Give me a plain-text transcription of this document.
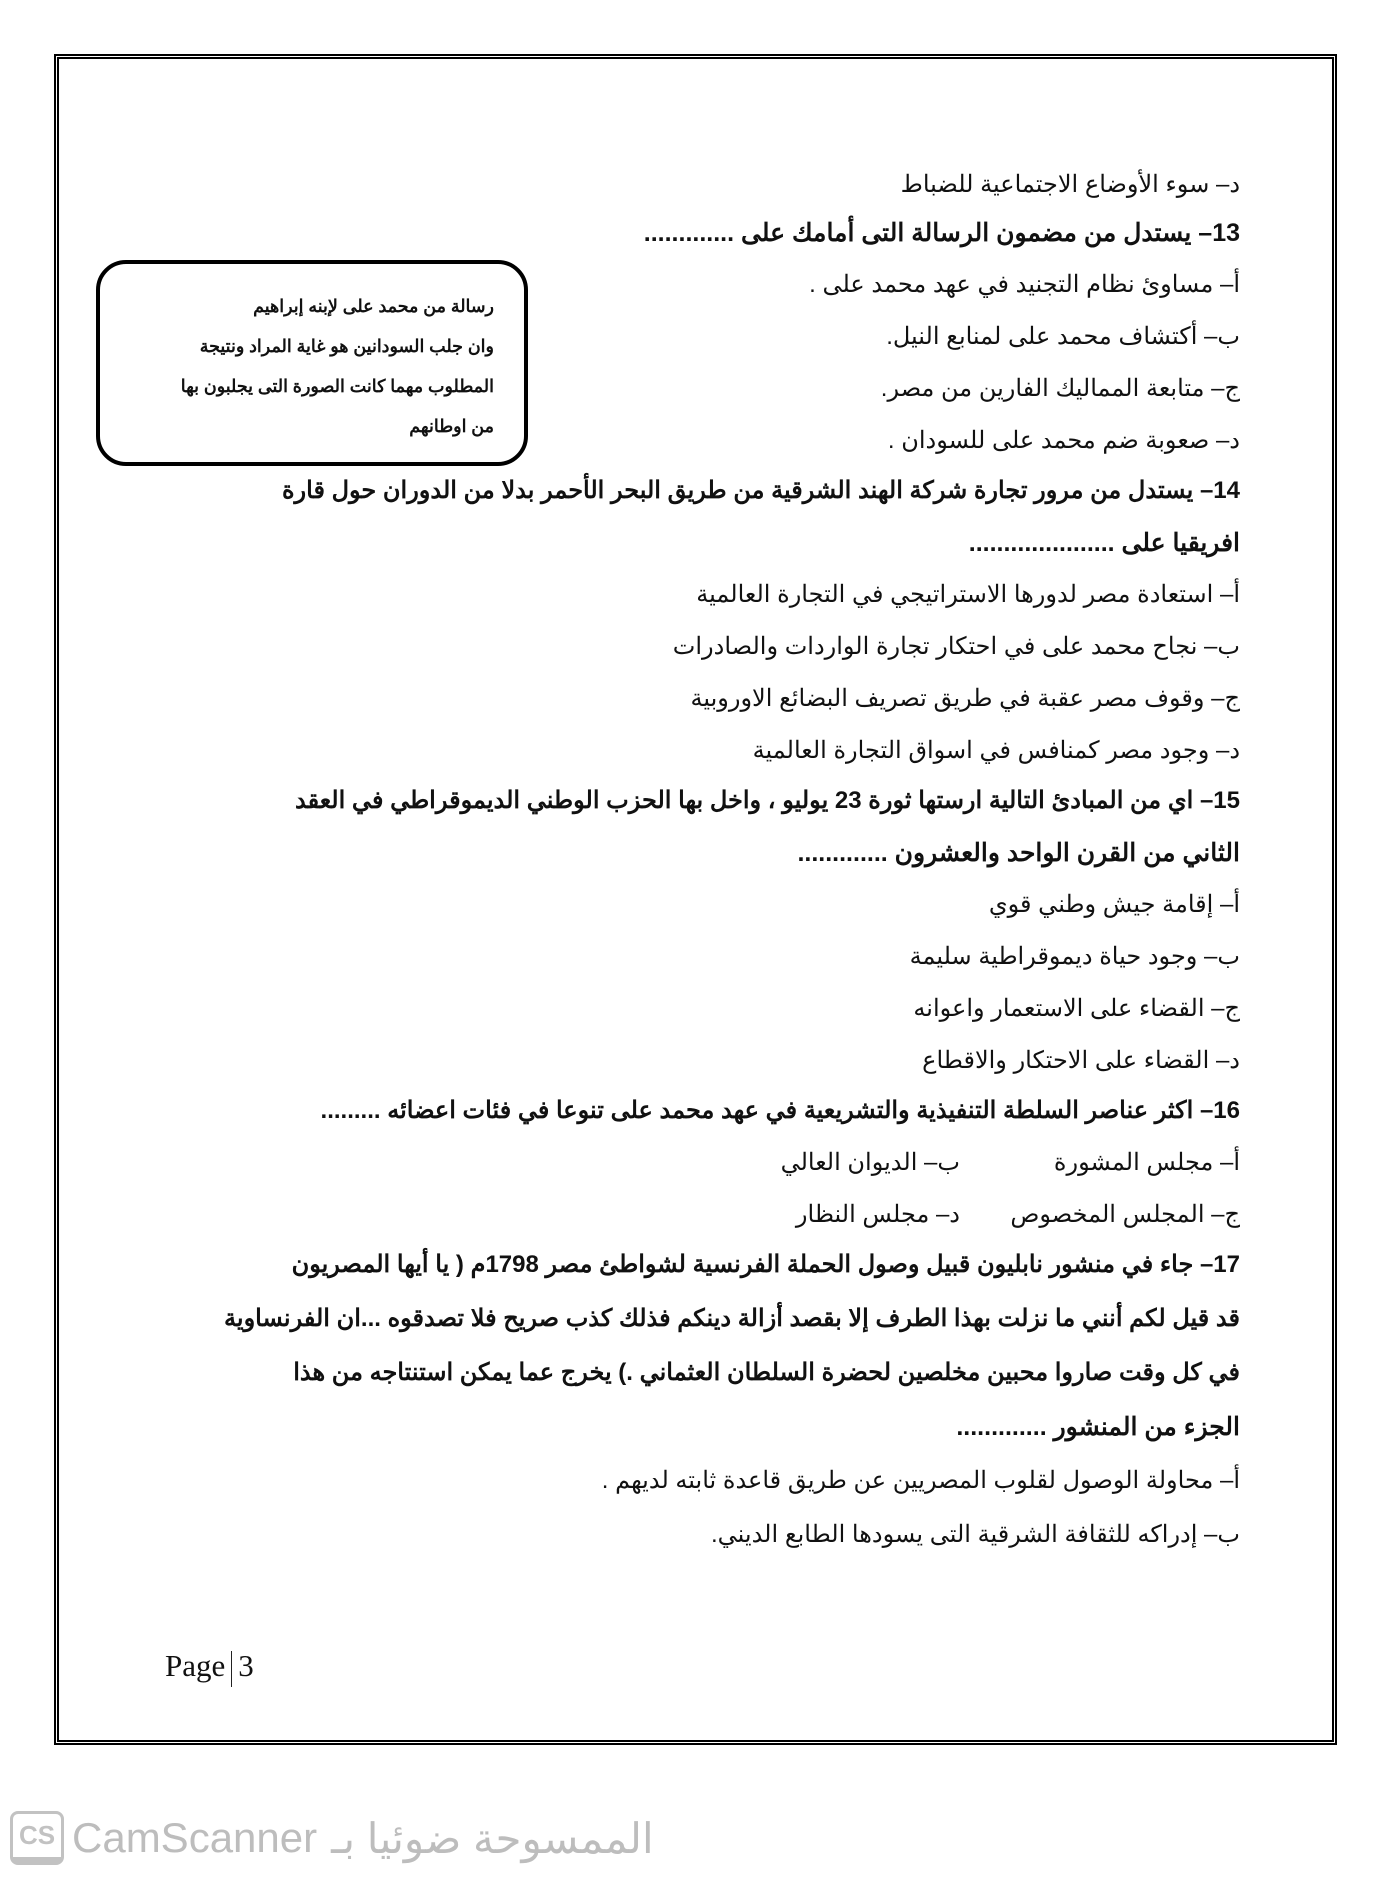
د– سوء الأوضاع الاجتماعية للضباط
13– يستدل من مضمون الرسالة التى أمامك على .............
أ– مساوئ نظام التجنيد في عهد محمد على .
ب– أكتشاف محمد على لمنابع النيل.
ج– متابعة المماليك الفارين من مصر.
د– صعوبة ضم محمد على للسودان .
14– يستدل من مرور تجارة شركة الهند الشرقية من طريق البحر الأحمر بدلا من الدوران حول قارة
افريقيا على .....................
أ– استعادة مصر لدورها الاستراتيجي في التجارة العالمية
ب– نجاح محمد على في احتكار تجارة الواردات والصادرات
ج– وقوف مصر عقبة في طريق تصريف البضائع الاوروبية
د– وجود مصر كمنافس في اسواق التجارة العالمية
15– اي من المبادئ التالية ارستها ثورة 23 يوليو ، واخل بها الحزب الوطني الديموقراطي في العقد
الثاني من القرن الواحد والعشرون .............
أ– إقامة جيش وطني قوي
ب– وجود حياة ديموقراطية سليمة
ج– القضاء على الاستعمار واعوانه
د– القضاء على الاحتكار والاقطاع
16– اكثر عناصر السلطة التنفيذية والتشريعية في عهد محمد على تنوعا في فئات اعضائه .........
أ– مجلس المشورة
ب– الديوان العالي
ج– المجلس المخصوص
د– مجلس النظار
17– جاء في منشور نابليون قبيل وصول الحملة الفرنسية لشواطئ مصر 1798م ( يا أيها المصريون
قد قيل لكم أنني ما نزلت بهذا الطرف إلا بقصد أزالة دينكم فذلك كذب صريح فلا تصدقوه ...ان الفرنساوية
في كل وقت صاروا محبين مخلصين لحضرة السلطان العثماني .) يخرج عما يمكن استنتاجه من هذا
الجزء من المنشور .............
أ– محاولة الوصول لقلوب المصريين عن طريق قاعدة ثابته لديهم .
ب– إدراكه للثقافة الشرقية التى يسودها الطابع الديني.
رسالة من محمد على لإبنه إبراهيم
وان جلب السودانين هو غاية المراد ونتيجة
المطلوب مهما كانت الصورة التى يجلبون بها
من اوطانهم
Page 3
CS CamScanner الممسوحة ضوئيا بـ
